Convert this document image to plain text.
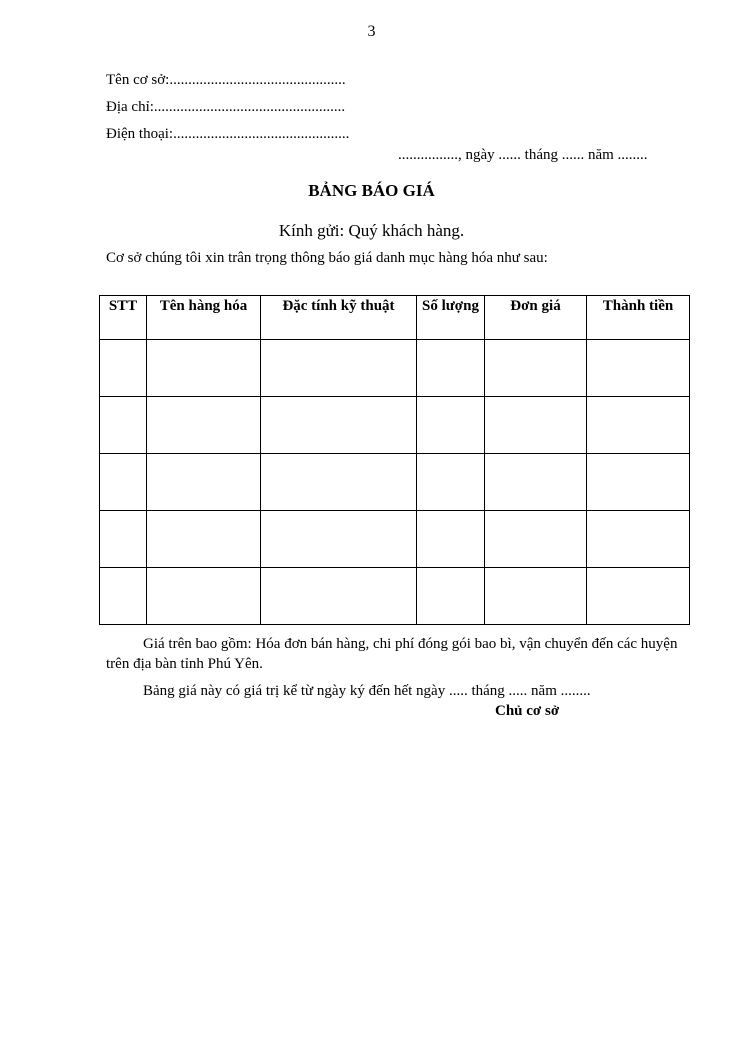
3
Tên cơ sở:...............................................
Địa chỉ:...................................................
Điện thoại:...............................................
................, ngày ...... tháng ...... năm ........
BẢNG BÁO GIÁ
Kính gửi: Quý khách hàng.
Cơ sở chúng tôi xin trân trọng thông báo giá danh mục hàng hóa như sau:
STT	Tên hàng hóa	Đặc tính kỹ thuật	Số lượng	Đơn giá	Thành tiền

Giá trên bao gồm: Hóa đơn bán hàng, chi phí đóng gói bao bì, vận chuyển đến các huyện trên địa bàn tỉnh Phú Yên.
Bảng giá này có giá trị kể từ ngày ký đến hết ngày ..... tháng ..... năm ........
Chủ cơ sở
